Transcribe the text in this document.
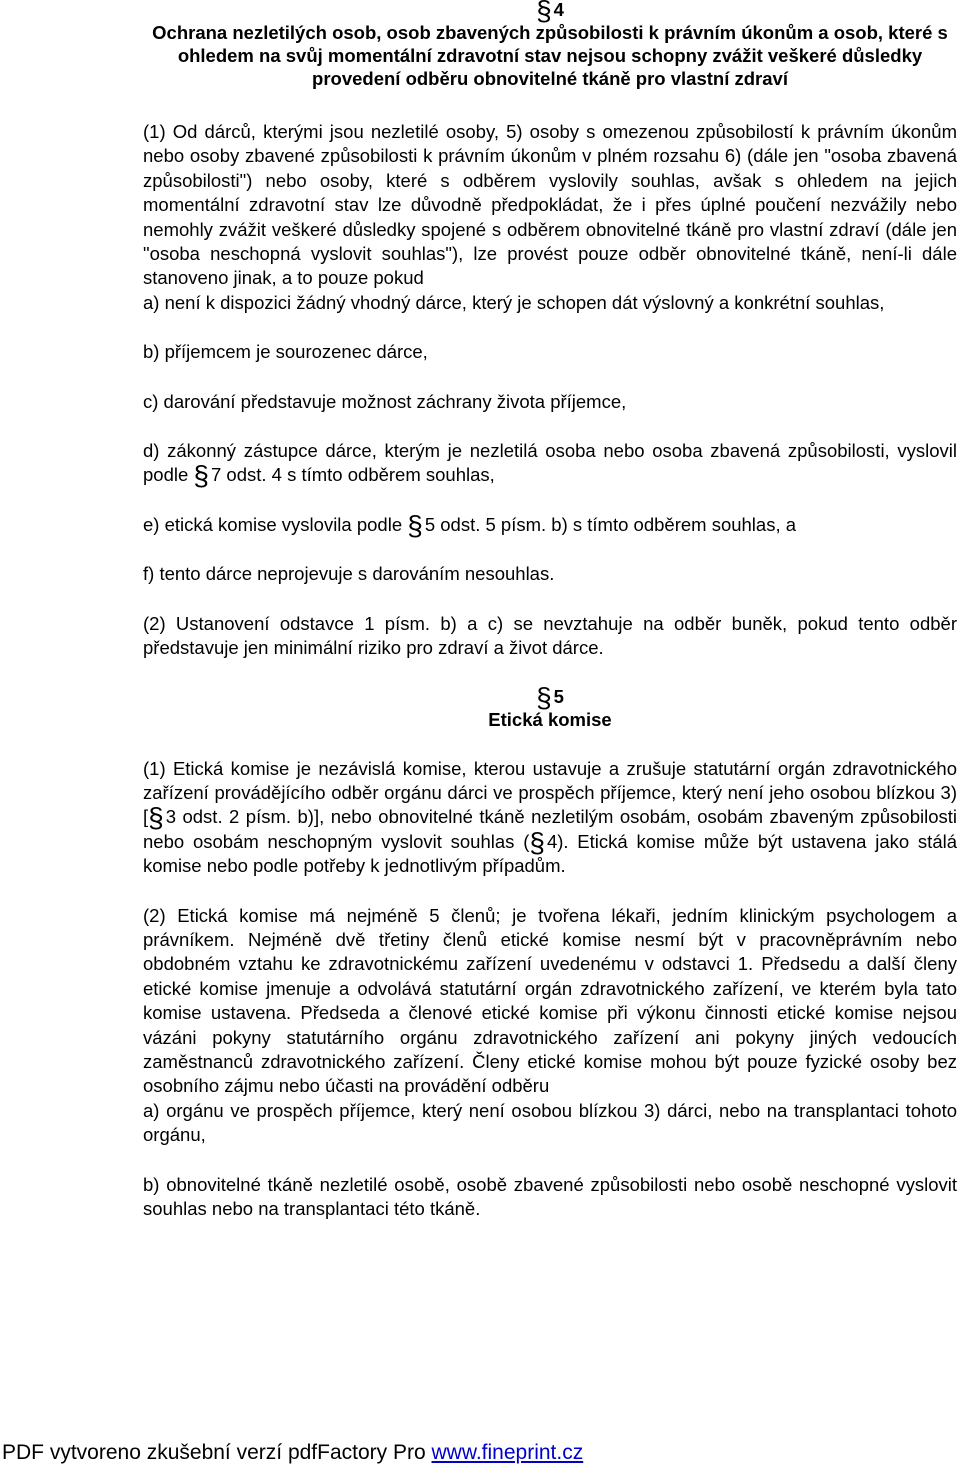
§ 4
Ochrana nezletilých osob, osob zbavených způsobilosti k právním úkonům a osob, které s ohledem na svůj momentální zdravotní stav nejsou schopny zvážit veškeré důsledky provedení odběru obnovitelné tkáně pro vlastní zdraví

(1) Od dárců, kterými jsou nezletilé osoby, 5) osoby s omezenou způsobilostí k právním úkonům nebo osoby zbavené způsobilosti k právním úkonům v plném rozsahu 6) (dále jen "osoba zbavená způsobilosti") nebo osoby, které s odběrem vyslovily souhlas, avšak s ohledem na jejich momentální zdravotní stav lze důvodně předpokládat, že i přes úplné poučení nezvážily nebo nemohly zvážit veškeré důsledky spojené s odběrem obnovitelné tkáně pro vlastní zdraví (dále jen "osoba neschopná vyslovit souhlas"), lze provést pouze odběr obnovitelné tkáně, není-li dále stanoveno jinak, a to pouze pokud

a) není k dispozici žádný vhodný dárce, který je schopen dát výslovný a konkrétní souhlas,

b) příjemcem je sourozenec dárce,

c) darování představuje možnost záchrany života příjemce,

d) zákonný zástupce dárce, kterým je nezletilá osoba nebo osoba zbavená způsobilosti, vyslovil podle § 7 odst. 4 s tímto odběrem souhlas,

e) etická komise vyslovila podle § 5 odst. 5 písm. b) s tímto odběrem souhlas, a

f) tento dárce neprojevuje s darováním nesouhlas.

(2) Ustanovení odstavce 1 písm. b) a c) se nevztahuje na odběr buněk, pokud tento odběr představuje jen minimální riziko pro zdraví a život dárce.

§ 5
Etická komise

(1) Etická komise je nezávislá komise, kterou ustavuje a zrušuje statutární orgán zdravotnického zařízení provádějícího odběr orgánu dárci ve prospěch příjemce, který není jeho osobou blízkou 3) [§ 3 odst. 2 písm. b)], nebo obnovitelné tkáně nezletilým osobám, osobám zbaveným způsobilosti nebo osobám neschopným vyslovit souhlas (§ 4). Etická komise může být ustavena jako stálá komise nebo podle potřeby k jednotlivým případům.

(2) Etická komise má nejméně 5 členů; je tvořena lékaři, jedním klinickým psychologem a právníkem. Nejméně dvě třetiny členů etické komise nesmí být v pracovněprávním nebo obdobném vztahu ke zdravotnickému zařízení uvedenému v odstavci 1. Předsedu a další členy etické komise jmenuje a odvolává statutární orgán zdravotnického zařízení, ve kterém byla tato komise ustavena. Předseda a členové etické komise při výkonu činnosti etické komise nejsou vázáni pokyny statutárního orgánu zdravotnického zařízení ani pokyny jiných vedoucích zaměstnanců zdravotnického zařízení. Členy etické komise mohou být pouze fyzické osoby bez osobního zájmu nebo účasti na provádění odběru

a) orgánu ve prospěch příjemce, který není osobou blízkou 3) dárci, nebo na transplantaci tohoto orgánu,

b) obnovitelné tkáně nezletilé osobě, osobě zbavené způsobilosti nebo osobě neschopné vyslovit souhlas nebo na transplantaci této tkáně.

PDF vytvoreno zkušební verzí pdfFactory Pro www.fineprint.cz
